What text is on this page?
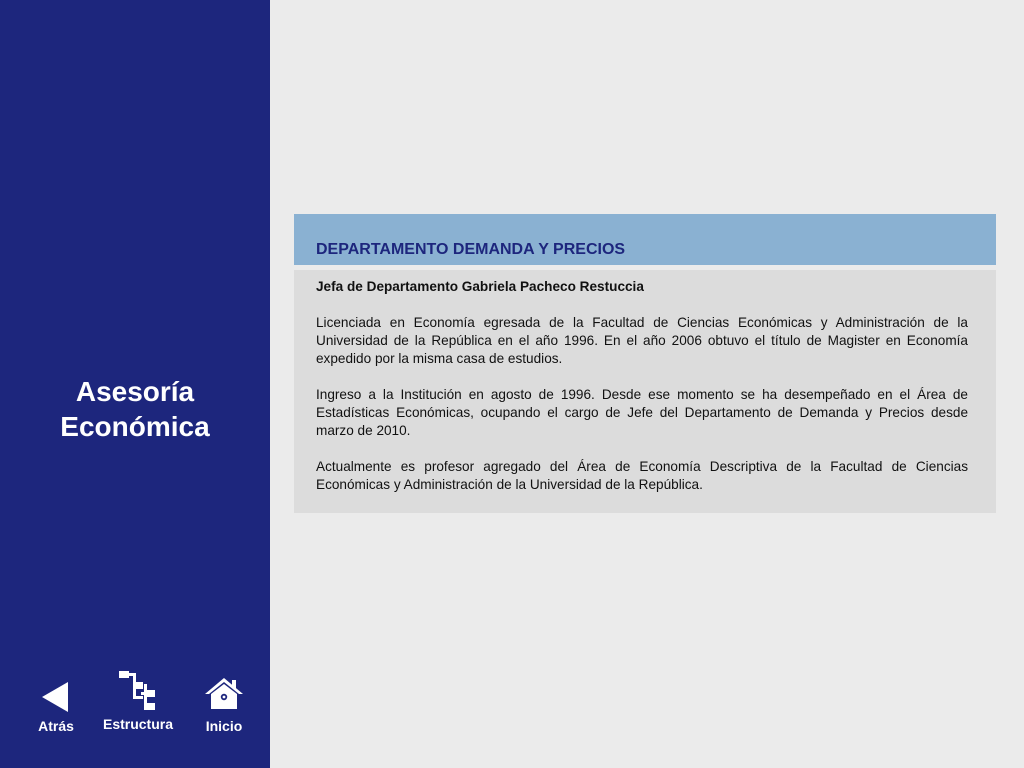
Asesoría
Económica
Atrás	Estructura	Inicio
DEPARTAMENTO DEMANDA Y PRECIOS
Jefa de Departamento Gabriela Pacheco Restuccia

Licenciada en Economía egresada de la Facultad de Ciencias Económicas y Administración de la Universidad de la República en el año 1996. En el año 2006 obtuvo el título de Magister en Economía expedido por la misma casa de estudios.

Ingreso a la Institución en agosto de 1996. Desde ese momento se ha desempeñado en el Área de Estadísticas Económicas, ocupando el cargo de Jefe del Departamento de Demanda y Precios desde marzo de 2010.

Actualmente es profesor agregado del Área de Economía Descriptiva de la Facultad de Ciencias Económicas y Administración de la Universidad de la República.
